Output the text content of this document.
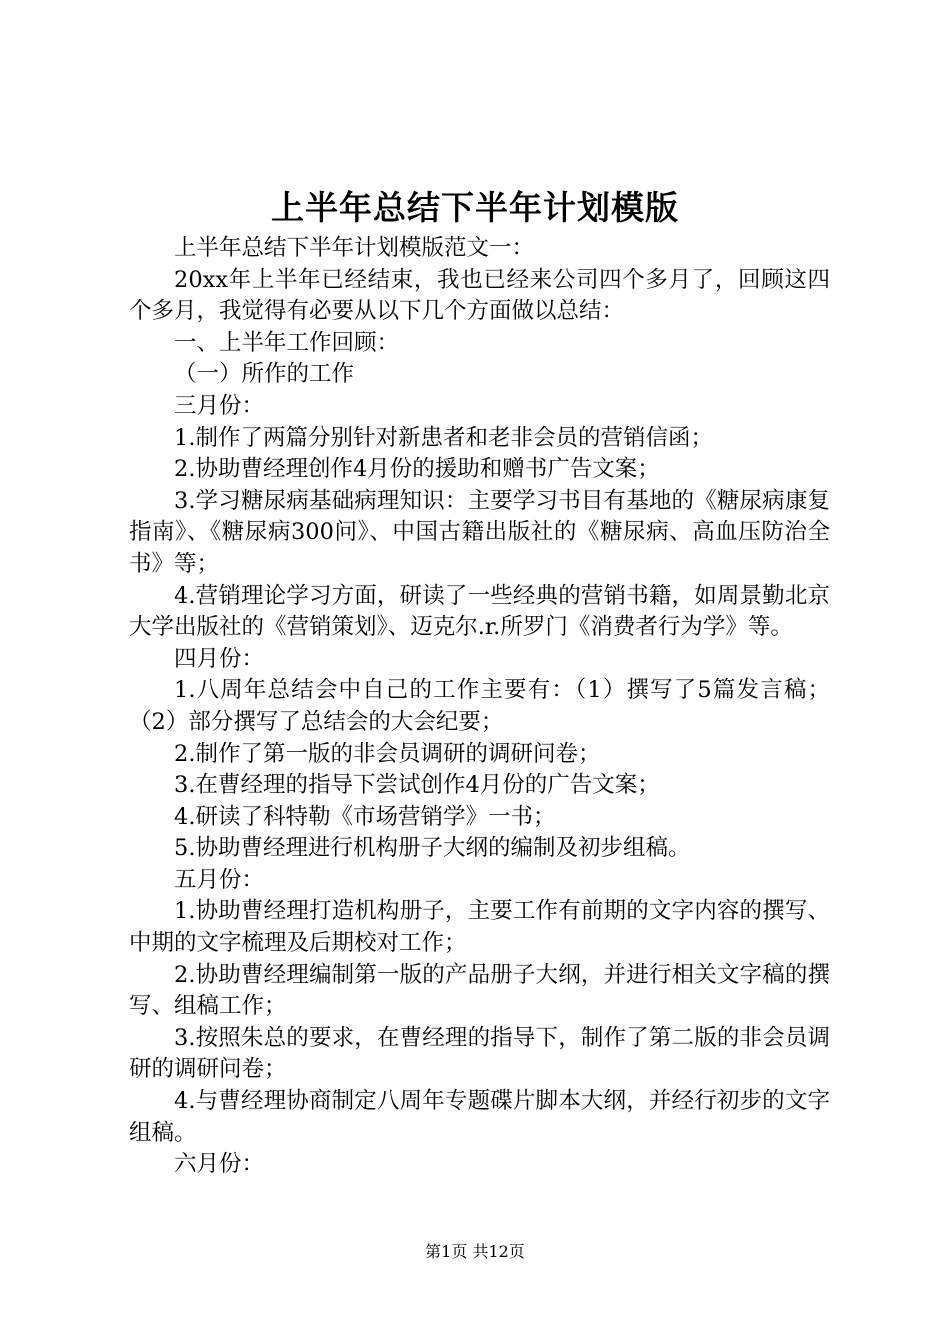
上半年总结下半年计划模版

上半年总结下半年计划模版范文一：

20xx年上半年已经结束，我也已经来公司四个多月了，回顾这四个多月，我觉得有必要从以下几个方面做以总结：

一、上半年工作回顾：

（一）所作的工作

三月份：

1.制作了两篇分别针对新患者和老非会员的营销信函；

2.协助曹经理创作4月份的援助和赠书广告文案；

3.学习糖尿病基础病理知识：主要学习书目有基地的《糖尿病康复指南》、《糖尿病300问》、中国古籍出版社的《糖尿病、高血压防治全书》等；

4.营销理论学习方面，研读了一些经典的营销书籍，如周景勤北京大学出版社的《营销策划》、迈克尔.r.所罗门《消费者行为学》等。

四月份：

1.八周年总结会中自己的工作主要有：（1）撰写了5篇发言稿；（2）部分撰写了总结会的大会纪要；

2.制作了第一版的非会员调研的调研问卷；

3.在曹经理的指导下尝试创作4月份的广告文案；

4.研读了科特勒《市场营销学》一书；

5.协助曹经理进行机构册子大纲的编制及初步组稿。

五月份：

1.协助曹经理打造机构册子，主要工作有前期的文字内容的撰写、中期的文字梳理及后期校对工作；

2.协助曹经理编制第一版的产品册子大纲，并进行相关文字稿的撰写、组稿工作；

3.按照朱总的要求，在曹经理的指导下，制作了第二版的非会员调研的调研问卷；

4.与曹经理协商制定八周年专题碟片脚本大纲，并经行初步的文字组稿。

六月份：

第1页 共12页
